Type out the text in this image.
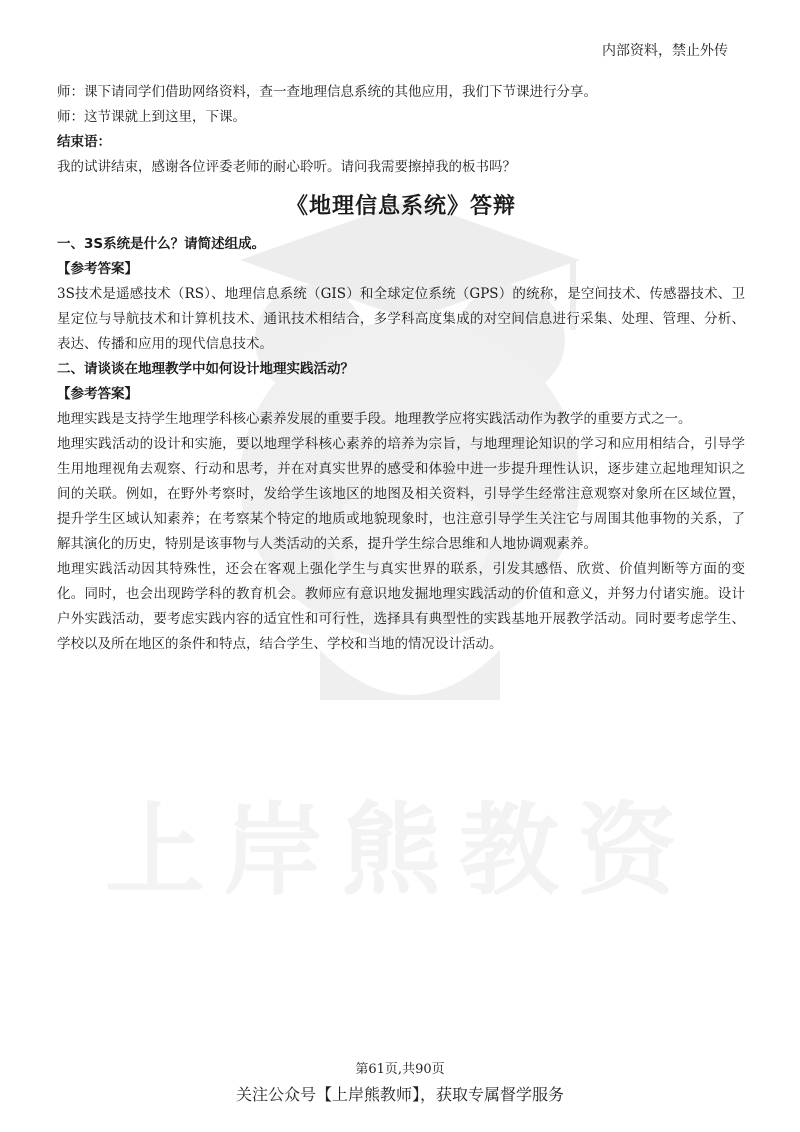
上岸熊教资
内部资料，禁止外传

师：课下请同学们借助网络资料，查一查地理信息系统的其他应用，我们下节课进行分享。

师：这节课就上到这里，下课。

结束语：

我的试讲结束，感谢各位评委老师的耐心聆听。请问我需要擦掉我的板书吗？

《地理信息系统》答辩

一、3S系统是什么？请简述组成。

【参考答案】

3S技术是遥感技术（RS）、地理信息系统（GIS）和全球定位系统（GPS）的统称，是空间技术、传感器技术、卫星定位与导航技术和计算机技术、通讯技术相结合，多学科高度集成的对空间信息进行采集、处理、管理、分析、表达、传播和应用的现代信息技术。

二、请谈谈在地理教学中如何设计地理实践活动？

【参考答案】

地理实践是支持学生地理学科核心素养发展的重要手段。地理教学应将实践活动作为教学的重要方式之一。

地理实践活动的设计和实施，要以地理学科核心素养的培养为宗旨，与地理理论知识的学习和应用相结合，引导学生用地理视角去观察、行动和思考，并在对真实世界的感受和体验中进一步提升理性认识，逐步建立起地理知识之间的关联。例如，在野外考察时，发给学生该地区的地图及相关资料，引导学生经常注意观察对象所在区域位置，提升学生区域认知素养；在考察某个特定的地质或地貌现象时，也注意引导学生关注它与周围其他事物的关系，了解其演化的历史，特别是该事物与人类活动的关系，提升学生综合思维和人地协调观素养。

地理实践活动因其特殊性，还会在客观上强化学生与真实世界的联系，引发其感悟、欣赏、价值判断等方面的变化。同时，也会出现跨学科的教育机会。教师应有意识地发掘地理实践活动的价值和意义，并努力付诸实施。设计户外实践活动，要考虑实践内容的适宜性和可行性，选择具有典型性的实践基地开展教学活动。同时要考虑学生、学校以及所在地区的条件和特点，结合学生、学校和当地的情况设计活动。

第61页,共90页
关注公众号【上岸熊教师】，获取专属督学服务
